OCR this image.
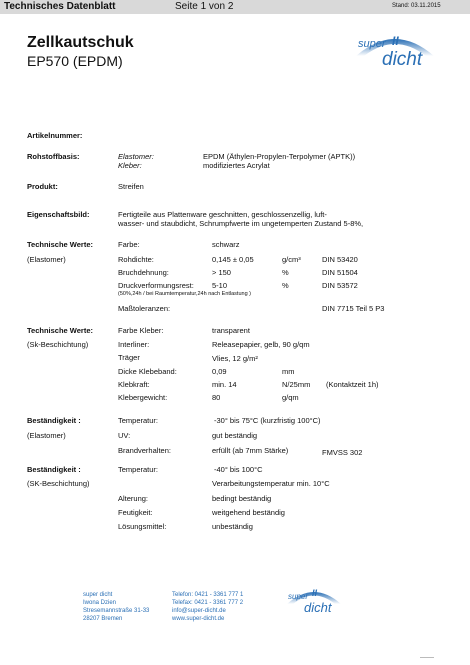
Technisches Datenblatt	Seite 1 von 2	Stand: 03.11.2015
Zellkautschuk
EP570 (EPDM)
super II
dicht
Artikelnummer:
Rohstoffbasis:	Elastomer:	EPDM (Äthylen-Propylen-Terpolymer (APTK))
Kleber:	modifiziertes Acrylat
Produkt:	Streifen
Eigenschaftsbild:	Fertigteile aus Plattenware geschnitten, geschlossenzellig, luft-
wasser- und staubdicht, Schrumpfwerte im ungetemperten Zustand 5-8%,
Technische Werte:
(Elastomer)
Farbe:	schwarz
Rohdichte:	0,145 ± 0,05	g/cm³	DIN 53420
Bruchdehnung:	> 150	%	DIN 51504
Druckverformungsrest: 5-10	%	DIN 53572
(50%,24h / bei Raumtemperatur,24h nach Entlastung )
Maßtoleranzen:	DIN 7715 Teil 5 P3
Technische Werte:
(Sk-Beschichtung)
Farbe Kleber:	transparent
Interliner:	Releasepapier, gelb, 90 g/qm
Träger	Vlies, 12 g/m²
Dicke Klebeband:	0,09	mm
Klebkraft:	min. 14	N/25mm (Kontaktzeit 1h)
Klebergewicht:	80	g/qm
Beständigkeit :
(Elastomer)
Temperatur:	-30° bis 75°C (kurzfristig 100°C)
UV:	gut beständig
Brandverhalten:	erfüllt (ab 7mm Stärke)	FMVSS 302
Beständigkeit :
(SK-Beschichtung)
Temperatur:	-40° bis 100°C
Verarbeitungstemperatur min. 10°C
Alterung:	bedingt beständig
Feutigkeit:	weitgehend beständig
Lösungsmittel:	unbeständig
super dicht
Iwona Dzien
Stresemannstraße 31-33
28207 Bremen
Telefon: 0421 - 3361 777 1
Telefax: 0421 - 3361 777 2
info@super-dicht.de
www.super-dicht.de
super II
dicht
